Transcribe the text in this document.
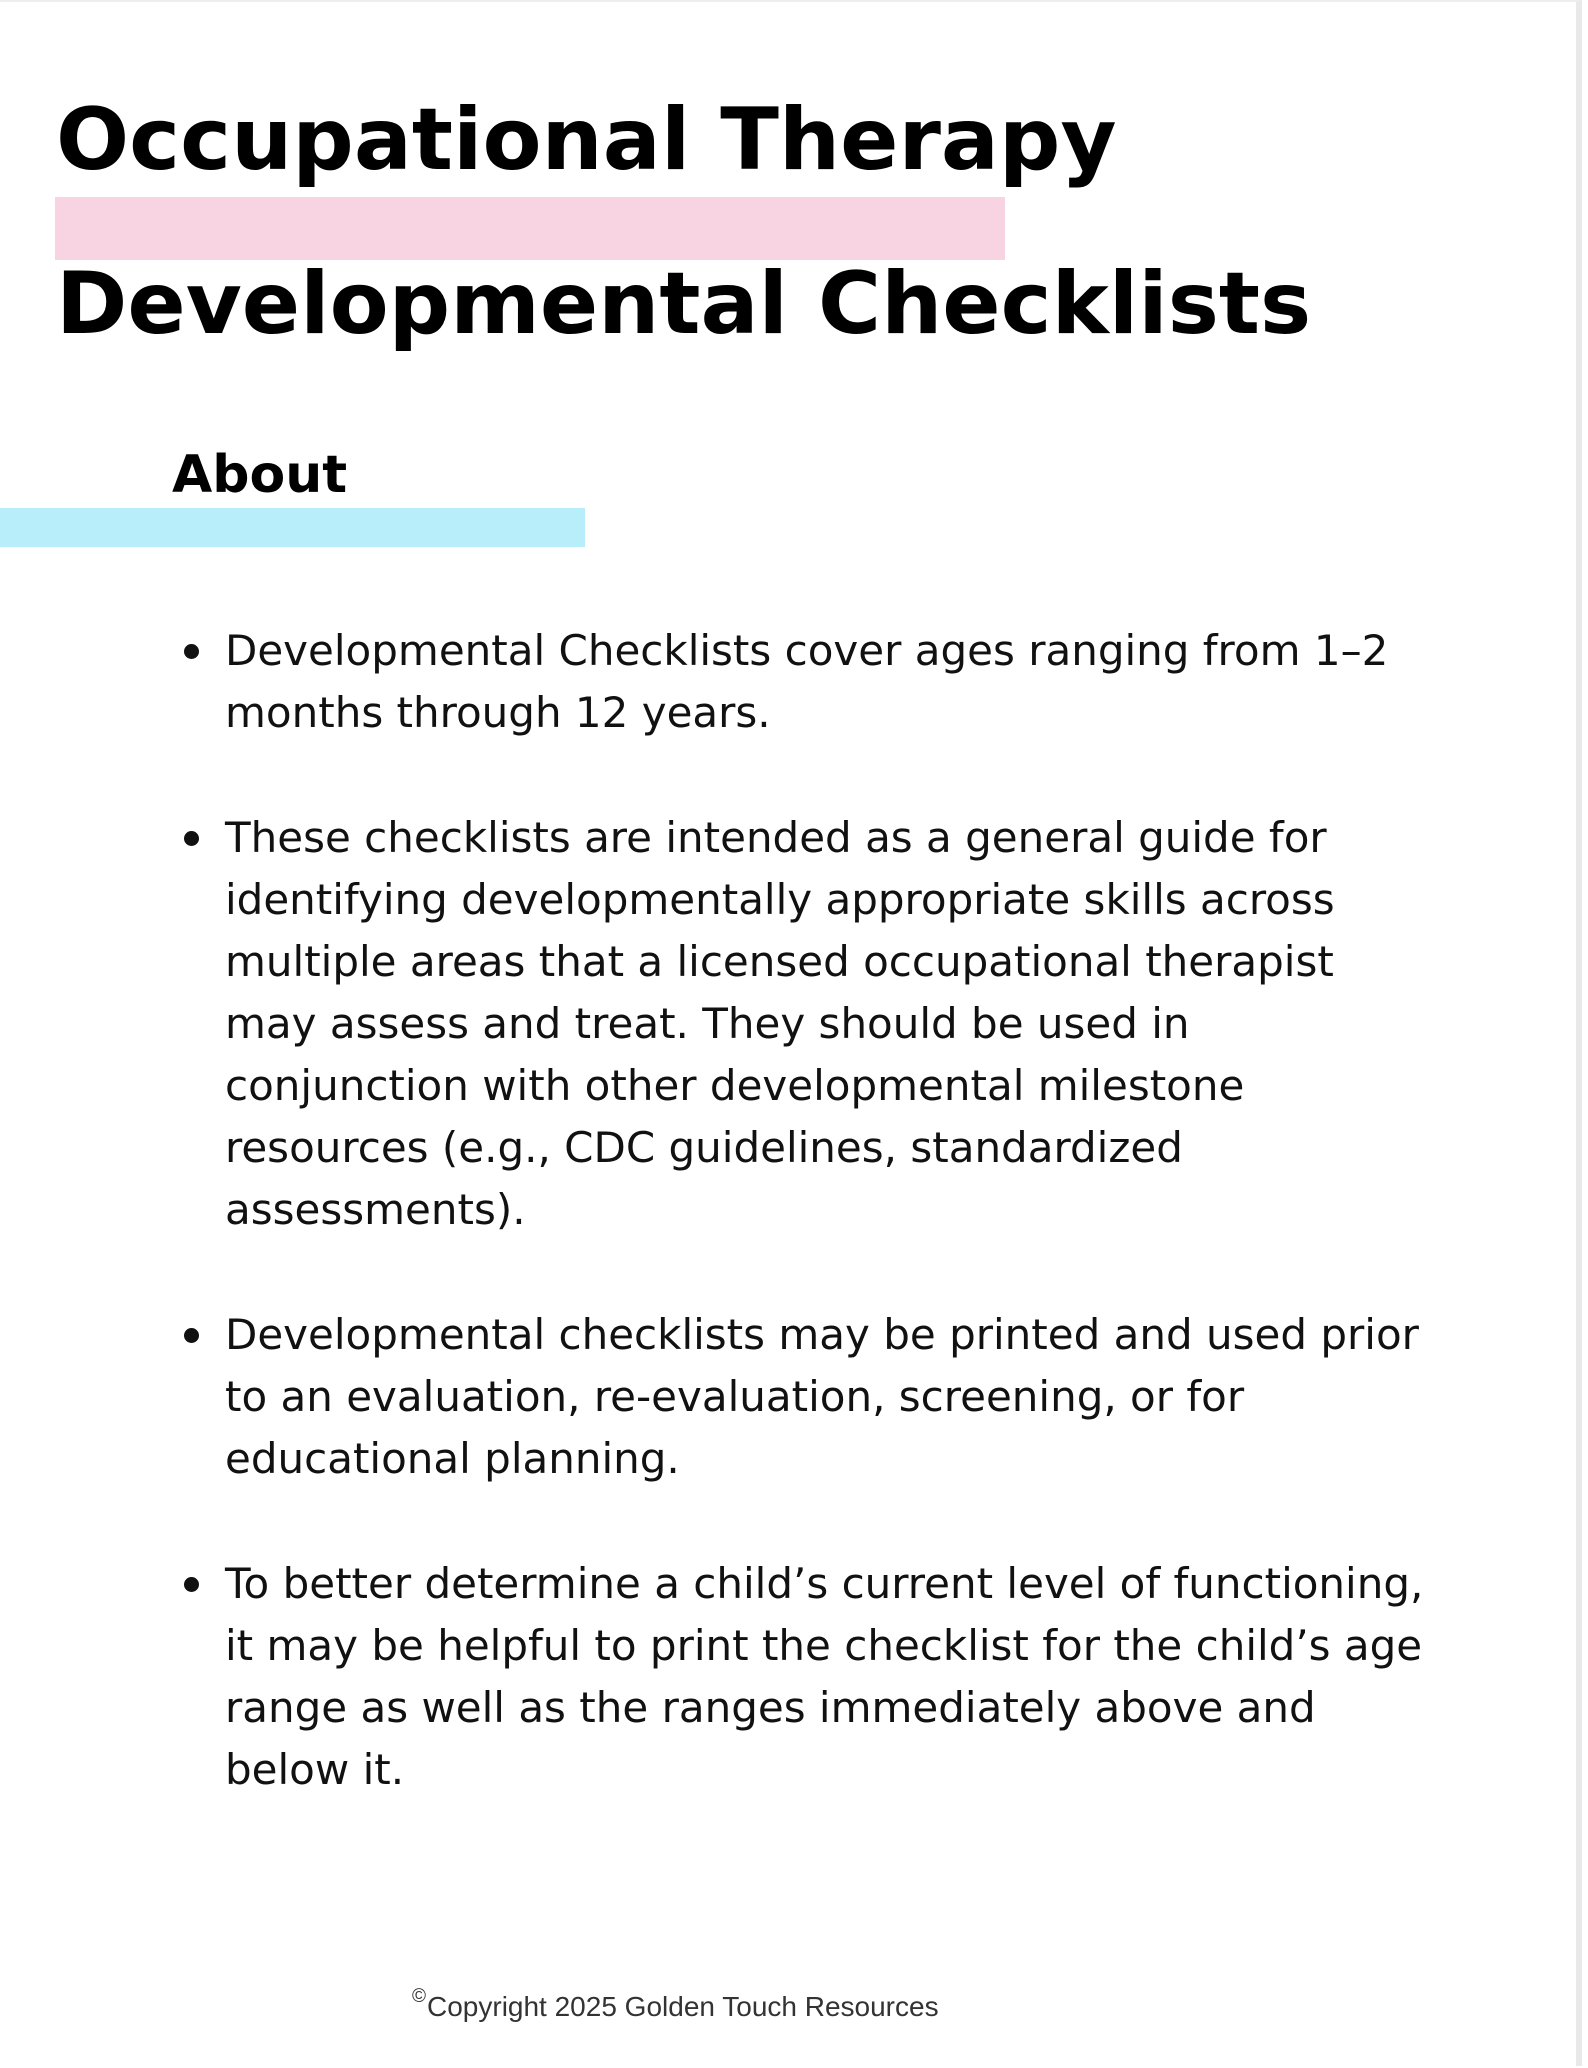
Occupational Therapy
Developmental Checklists
About
Developmental Checklists cover ages ranging from 1–2 months through 12 years.
These checklists are intended as a general guide for identifying developmentally appropriate skills across multiple areas that a licensed occupational therapist may assess and treat. They should be used in conjunction with other developmental milestone resources (e.g., CDC guidelines, standardized assessments).
Developmental checklists may be printed and used prior to an evaluation, re-evaluation, screening, or for educational planning.
To better determine a child’s current level of functioning, it may be helpful to print the checklist for the child’s age range as well as the ranges immediately above and below it.
©Copyright 2025 Golden Touch Resources
